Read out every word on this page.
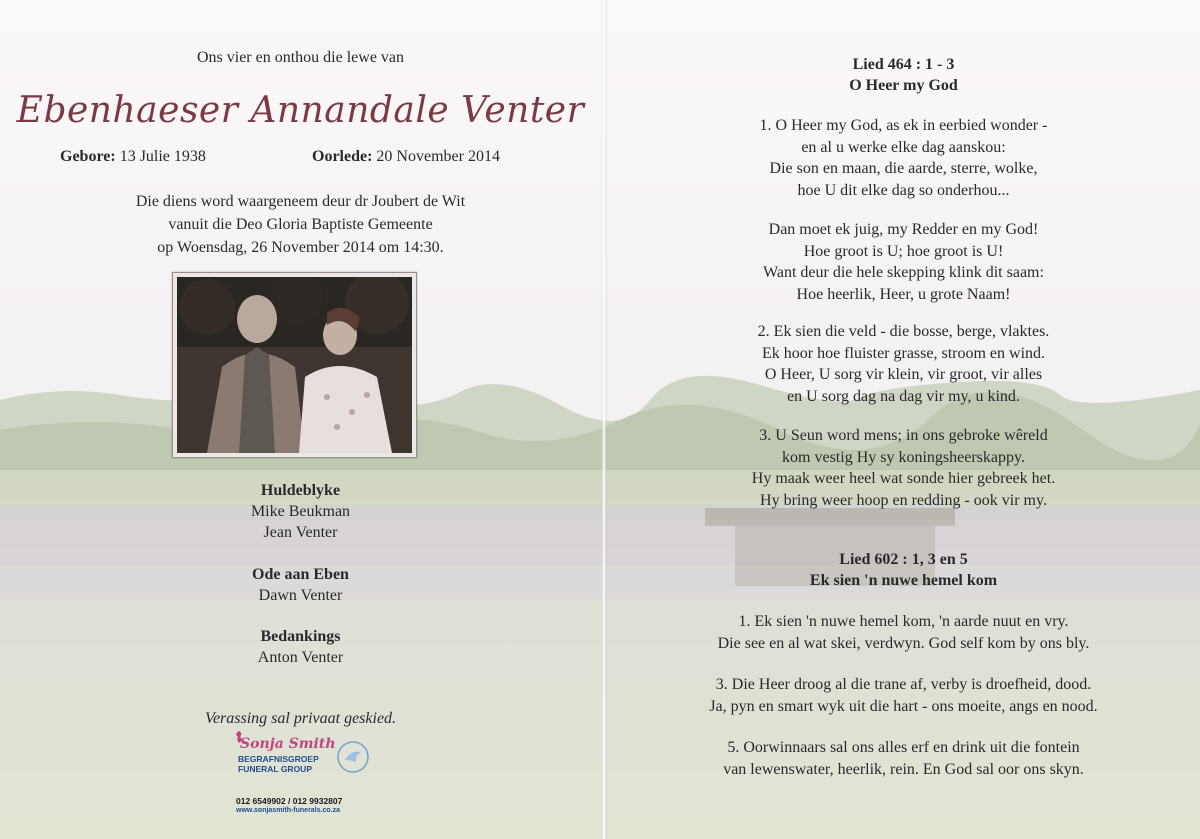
Ons vier en onthou die lewe van
Ebenhaeser Annandale Venter
Gebore: 13 Julie 1938	Oorlede: 20 November 2014
Die diens word waargeneem deur dr Joubert de Wit
vanuit die Deo Gloria Baptiste Gemeente
op Woensdag, 26 November 2014 om 14:30.
Huldeblyke
Mike Beukman
Jean Venter
Ode aan Eben
Dawn Venter
Bedankings
Anton Venter
Verassing sal privaat geskied.
Sonja Smith
BEGRAFNISGROEP
FUNERAL GROUP
012 6549902 / 012 9932807
www.sonjasmith-funerals.co.za
Lied 464 : 1 - 3
O Heer my God
1. O Heer my God, as ek in eerbied wonder -
en al u werke elke dag aanskou:
Die son en maan, die aarde, sterre, wolke,
hoe U dit elke dag so onderhou...
Dan moet ek juig, my Redder en my God!
Hoe groot is U; hoe groot is U!
Want deur die hele skepping klink dit saam:
Hoe heerlik, Heer, u grote Naam!
2. Ek sien die veld - die bosse, berge, vlaktes.
Ek hoor hoe fluister grasse, stroom en wind.
O Heer, U sorg vir klein, vir groot, vir alles
en U sorg dag na dag vir my, u kind.
3. U Seun word mens; in ons gebroke wêreld
kom vestig Hy sy koningsheerskappy.
Hy maak weer heel wat sonde hier gebreek het.
Hy bring weer hoop en redding - ook vir my.
Lied 602 : 1, 3 en 5
Ek sien 'n nuwe hemel kom
1. Ek sien 'n nuwe hemel kom, 'n aarde nuut en vry.
Die see en al wat skei, verdwyn. God self kom by ons bly.
3. Die Heer droog al die trane af, verby is droefheid, dood.
Ja, pyn en smart wyk uit die hart - ons moeite, angs en nood.
5. Oorwinnaars sal ons alles erf en drink uit die fontein
van lewenswater, heerlik, rein. En God sal oor ons skyn.
